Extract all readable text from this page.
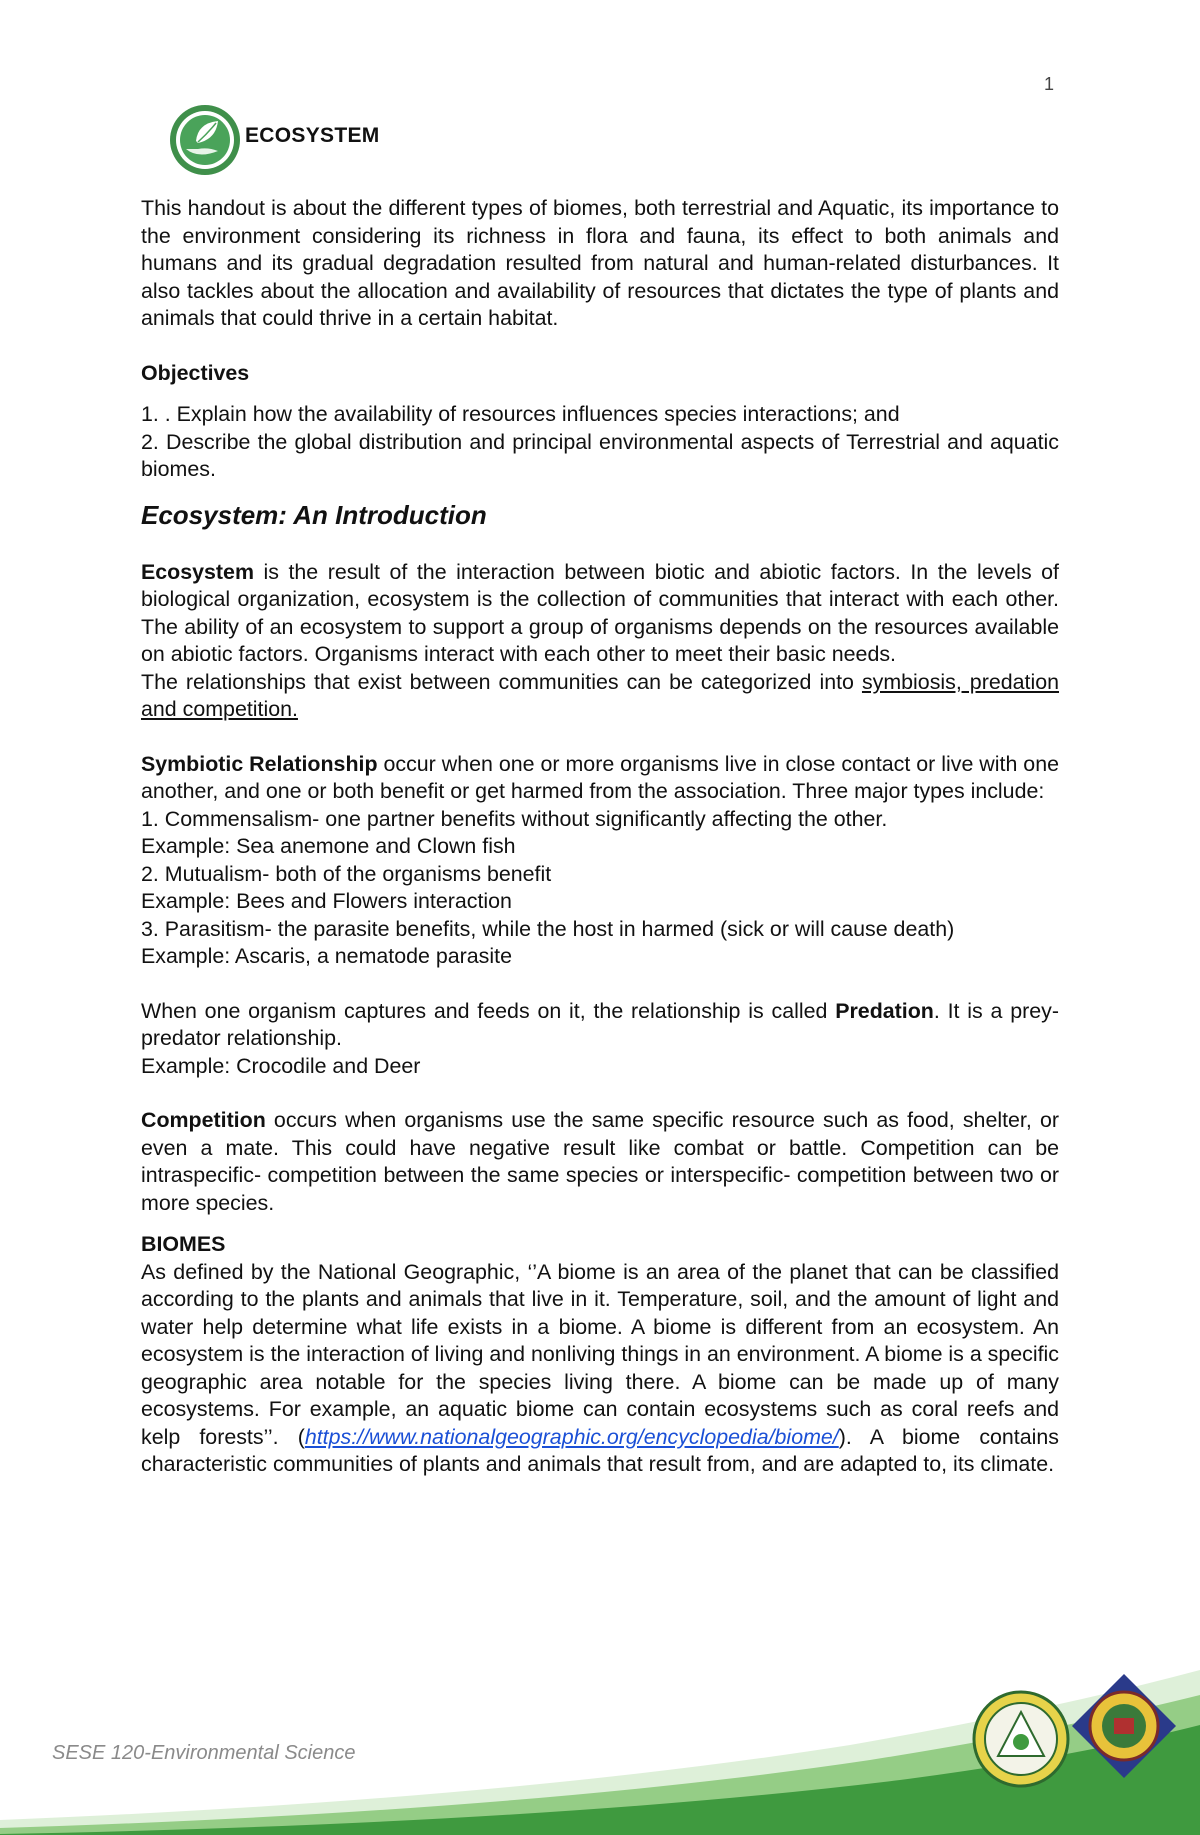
1
ECOSYSTEM

This handout is about the different types of biomes, both terrestrial and Aquatic, its importance to the environment considering its richness in flora and fauna, its effect to both animals and humans and its gradual degradation resulted from natural and human-related disturbances. It also tackles about the allocation and availability of resources that dictates the type of plants and animals that could thrive in a certain habitat.

Objectives

1. . Explain how the availability of resources influences species interactions; and

2. Describe the global distribution and principal environmental aspects of Terrestrial and aquatic biomes.

Ecosystem: An Introduction

Ecosystem is the result of the interaction between biotic and abiotic factors. In the levels of biological organization, ecosystem is the collection of communities that interact with each other. The ability of an ecosystem to support a group of organisms depends on the resources available on abiotic factors. Organisms interact with each other to meet their basic needs.

The relationships that exist between communities can be categorized into symbiosis, predation and competition.

Symbiotic Relationship occur when one or more organisms live in close contact or live with one another, and one or both benefit or get harmed from the association. Three major types include:

1. Commensalism- one partner benefits without significantly affecting the other.

Example: Sea anemone and Clown fish

2. Mutualism- both of the organisms benefit

Example: Bees and Flowers interaction

3. Parasitism- the parasite benefits, while the host in harmed (sick or will cause death)

Example: Ascaris, a nematode parasite

When one organism captures and feeds on it, the relationship is called Predation. It is a prey-predator relationship.

Example: Crocodile and Deer

Competition occurs when organisms use the same specific resource such as food, shelter, or even a mate. This could have negative result like combat or battle. Competition can be intraspecific- competition between the same species or interspecific- competition between two or more species.

BIOMES

As defined by the National Geographic, ‘’A biome is an area of the planet that can be classified according to the plants and animals that live in it. Temperature, soil, and the amount of light and water help determine what life exists in a biome. A biome is different from an ecosystem. An ecosystem is the interaction of living and nonliving things in an environment. A biome is a specific geographic area notable for the species living there. A biome can be made up of many ecosystems. For example, an aquatic biome can contain ecosystems such as coral reefs and kelp forests’’. (https://www.nationalgeographic.org/encyclopedia/biome/). A biome contains characteristic communities of plants and animals that result from, and are adapted to, its climate.

SESE 120-Environmental Science
